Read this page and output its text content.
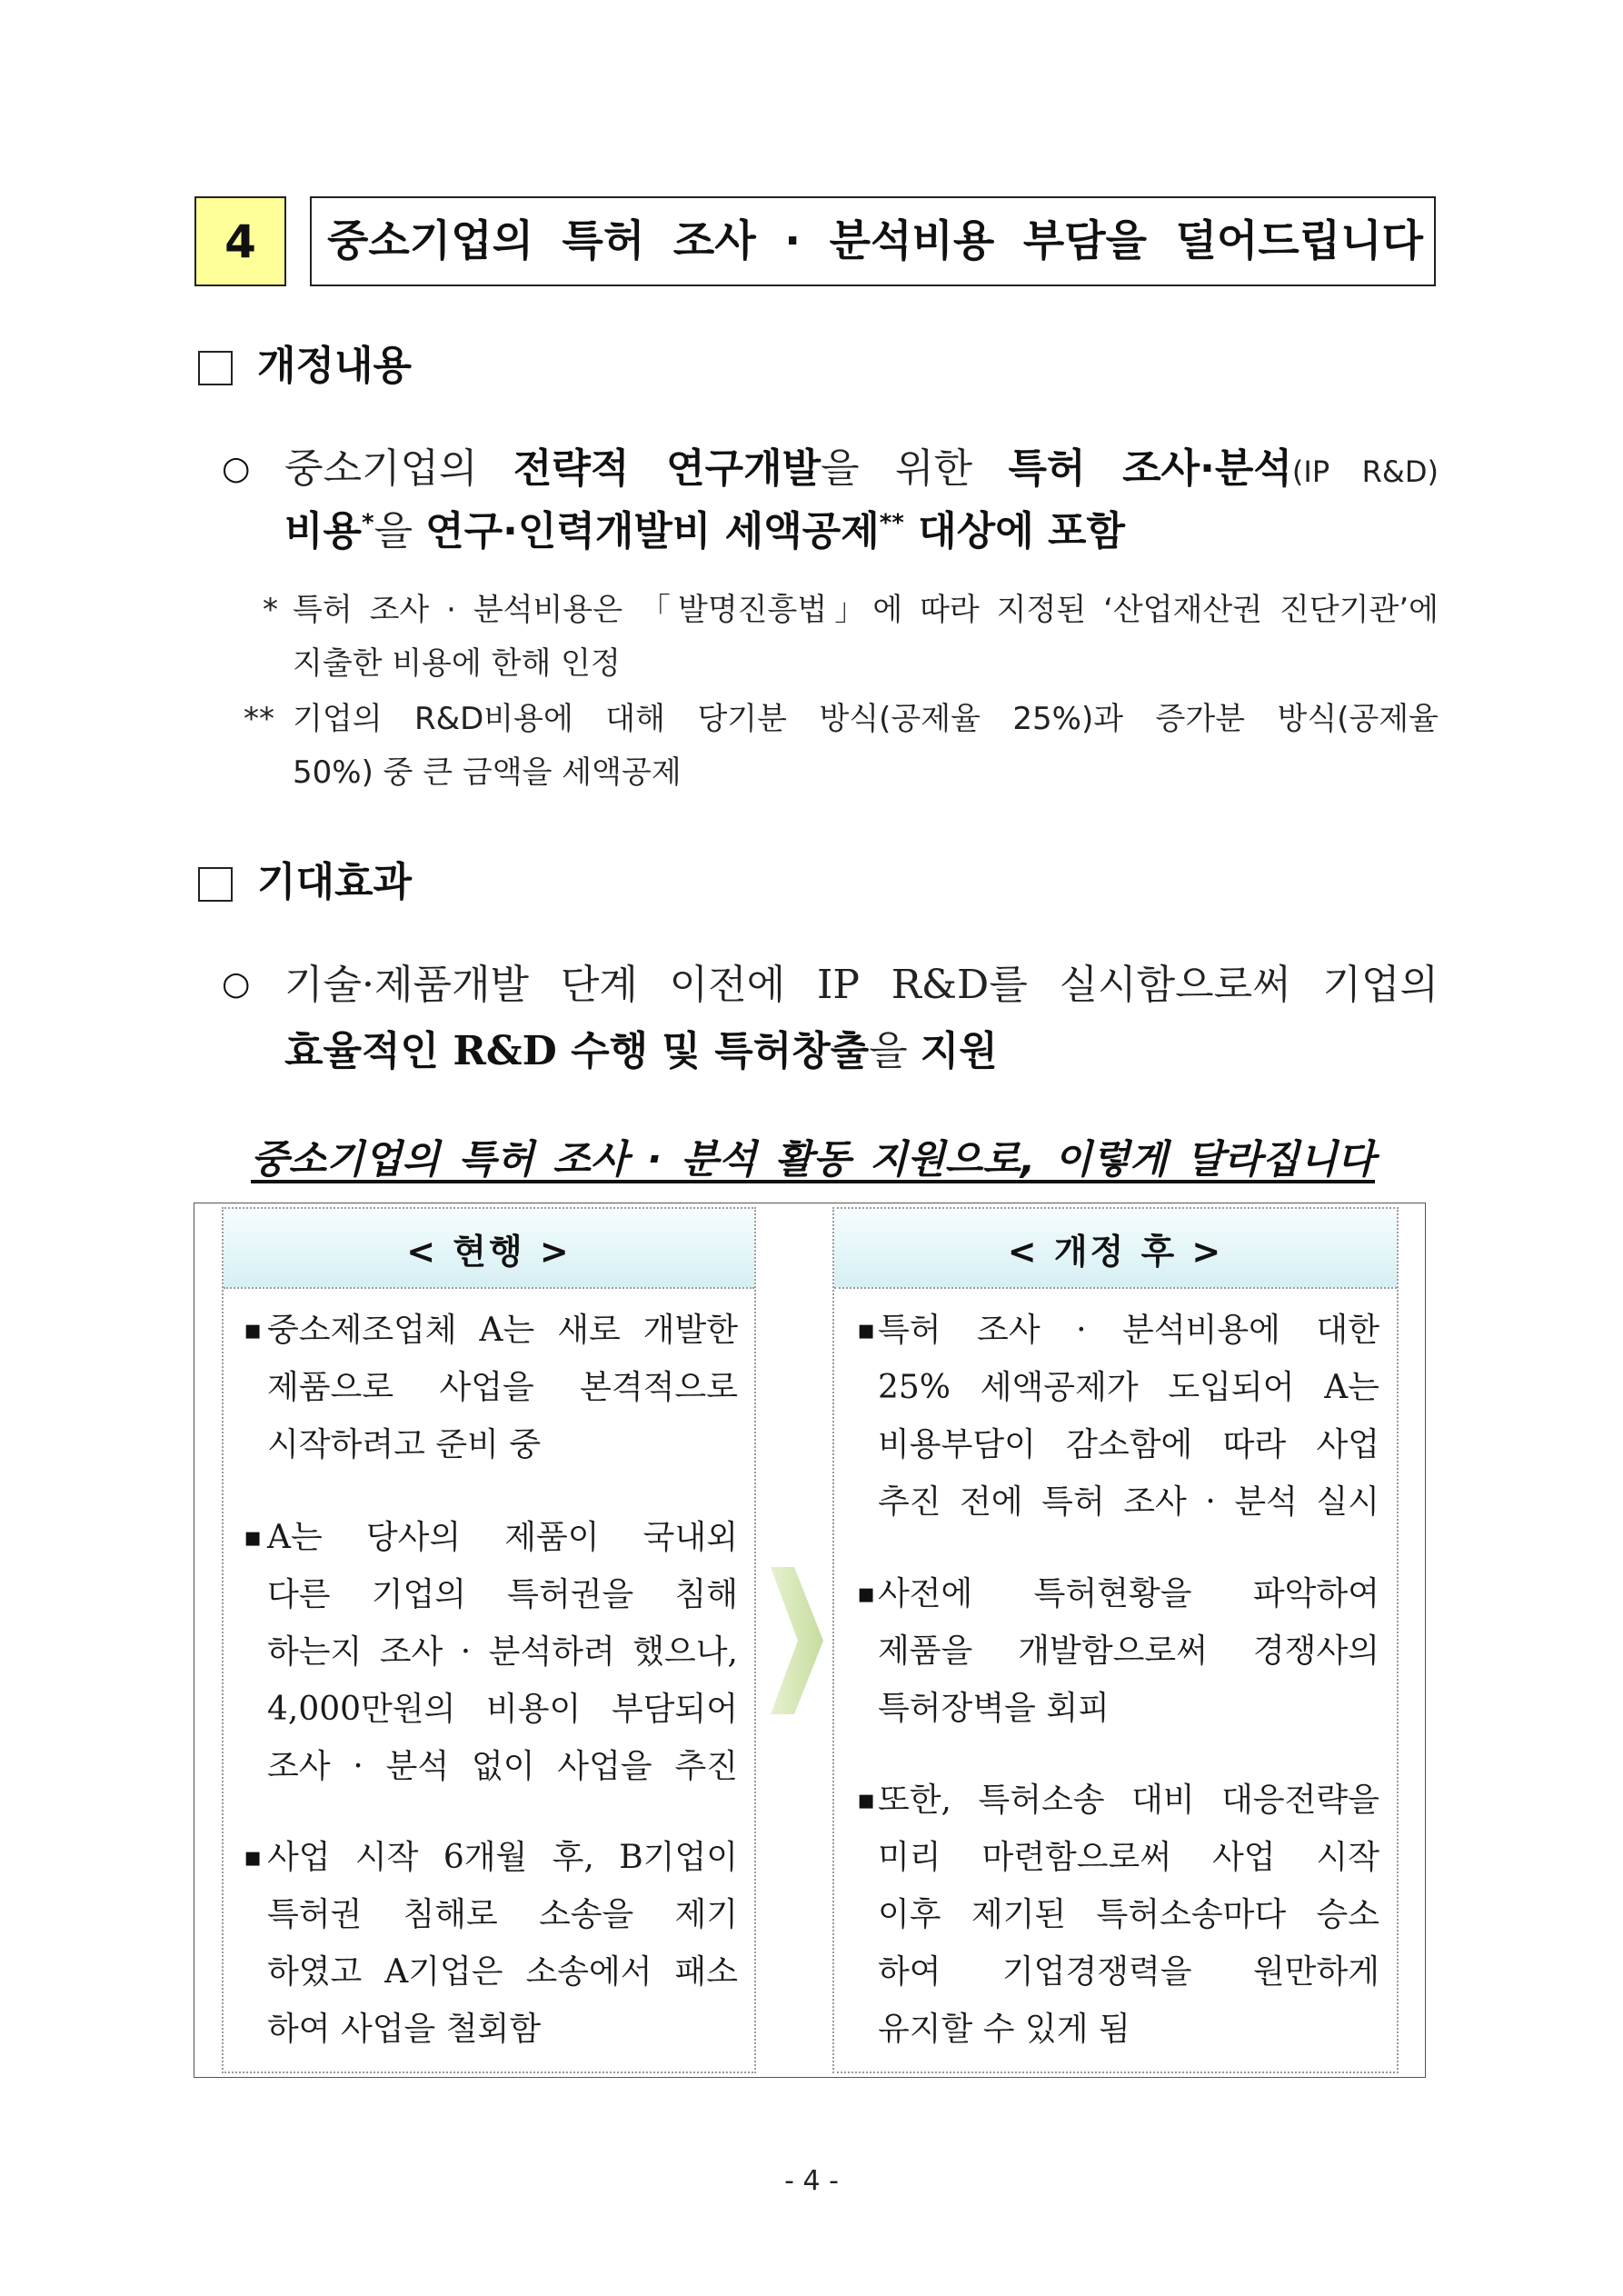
4 중소기업의 특허 조사 · 분석비용 부담을 덜어드립니다
개정내용
○ 중소기업의 전략적 연구개발을 위한 특허 조사·분석(IP R&D)
비용*을 연구·인력개발비 세액공제** 대상에 포함
* 특허 조사 · 분석비용은 「발명진흥법」에 따라 지정된 ‘산업재산권 진단기관’에
지출한 비용에 한해 인정
** 기업의 R&D비용에 대해 당기분 방식(공제율 25%)과 증가분 방식(공제율
50%) 중 큰 금액을 세액공제
기대효과
○ 기술·제품개발 단계 이전에 IP R&D를 실시함으로써 기업의
효율적인 R&D 수행 및 특허창출을 지원
중소기업의 특허 조사 · 분석 활동 지원으로, 이렇게 달라집니다
< 현행 >
▪ 중소제조업체 A는 새로 개발한
제품으로 사업을 본격적으로
시작하려고 준비 중
▪ A는 당사의 제품이 국내외
다른 기업의 특허권을 침해
하는지 조사 · 분석하려 했으나,
4,000만원의 비용이 부담되어
조사 · 분석 없이 사업을 추진
▪ 사업 시작 6개월 후, B기업이
특허권 침해로 소송을 제기
하였고 A기업은 소송에서 패소
하여 사업을 철회함
< 개정 후 >
▪ 특허 조사 · 분석비용에 대한
25% 세액공제가 도입되어 A는
비용부담이 감소함에 따라 사업
추진 전에 특허 조사 · 분석 실시
▪ 사전에 특허현황을 파악하여
제품을 개발함으로써 경쟁사의
특허장벽을 회피
▪ 또한, 특허소송 대비 대응전략을
미리 마련함으로써 사업 시작
이후 제기된 특허소송마다 승소
하여 기업경쟁력을 원만하게
유지할 수 있게 됨
- 4 -
